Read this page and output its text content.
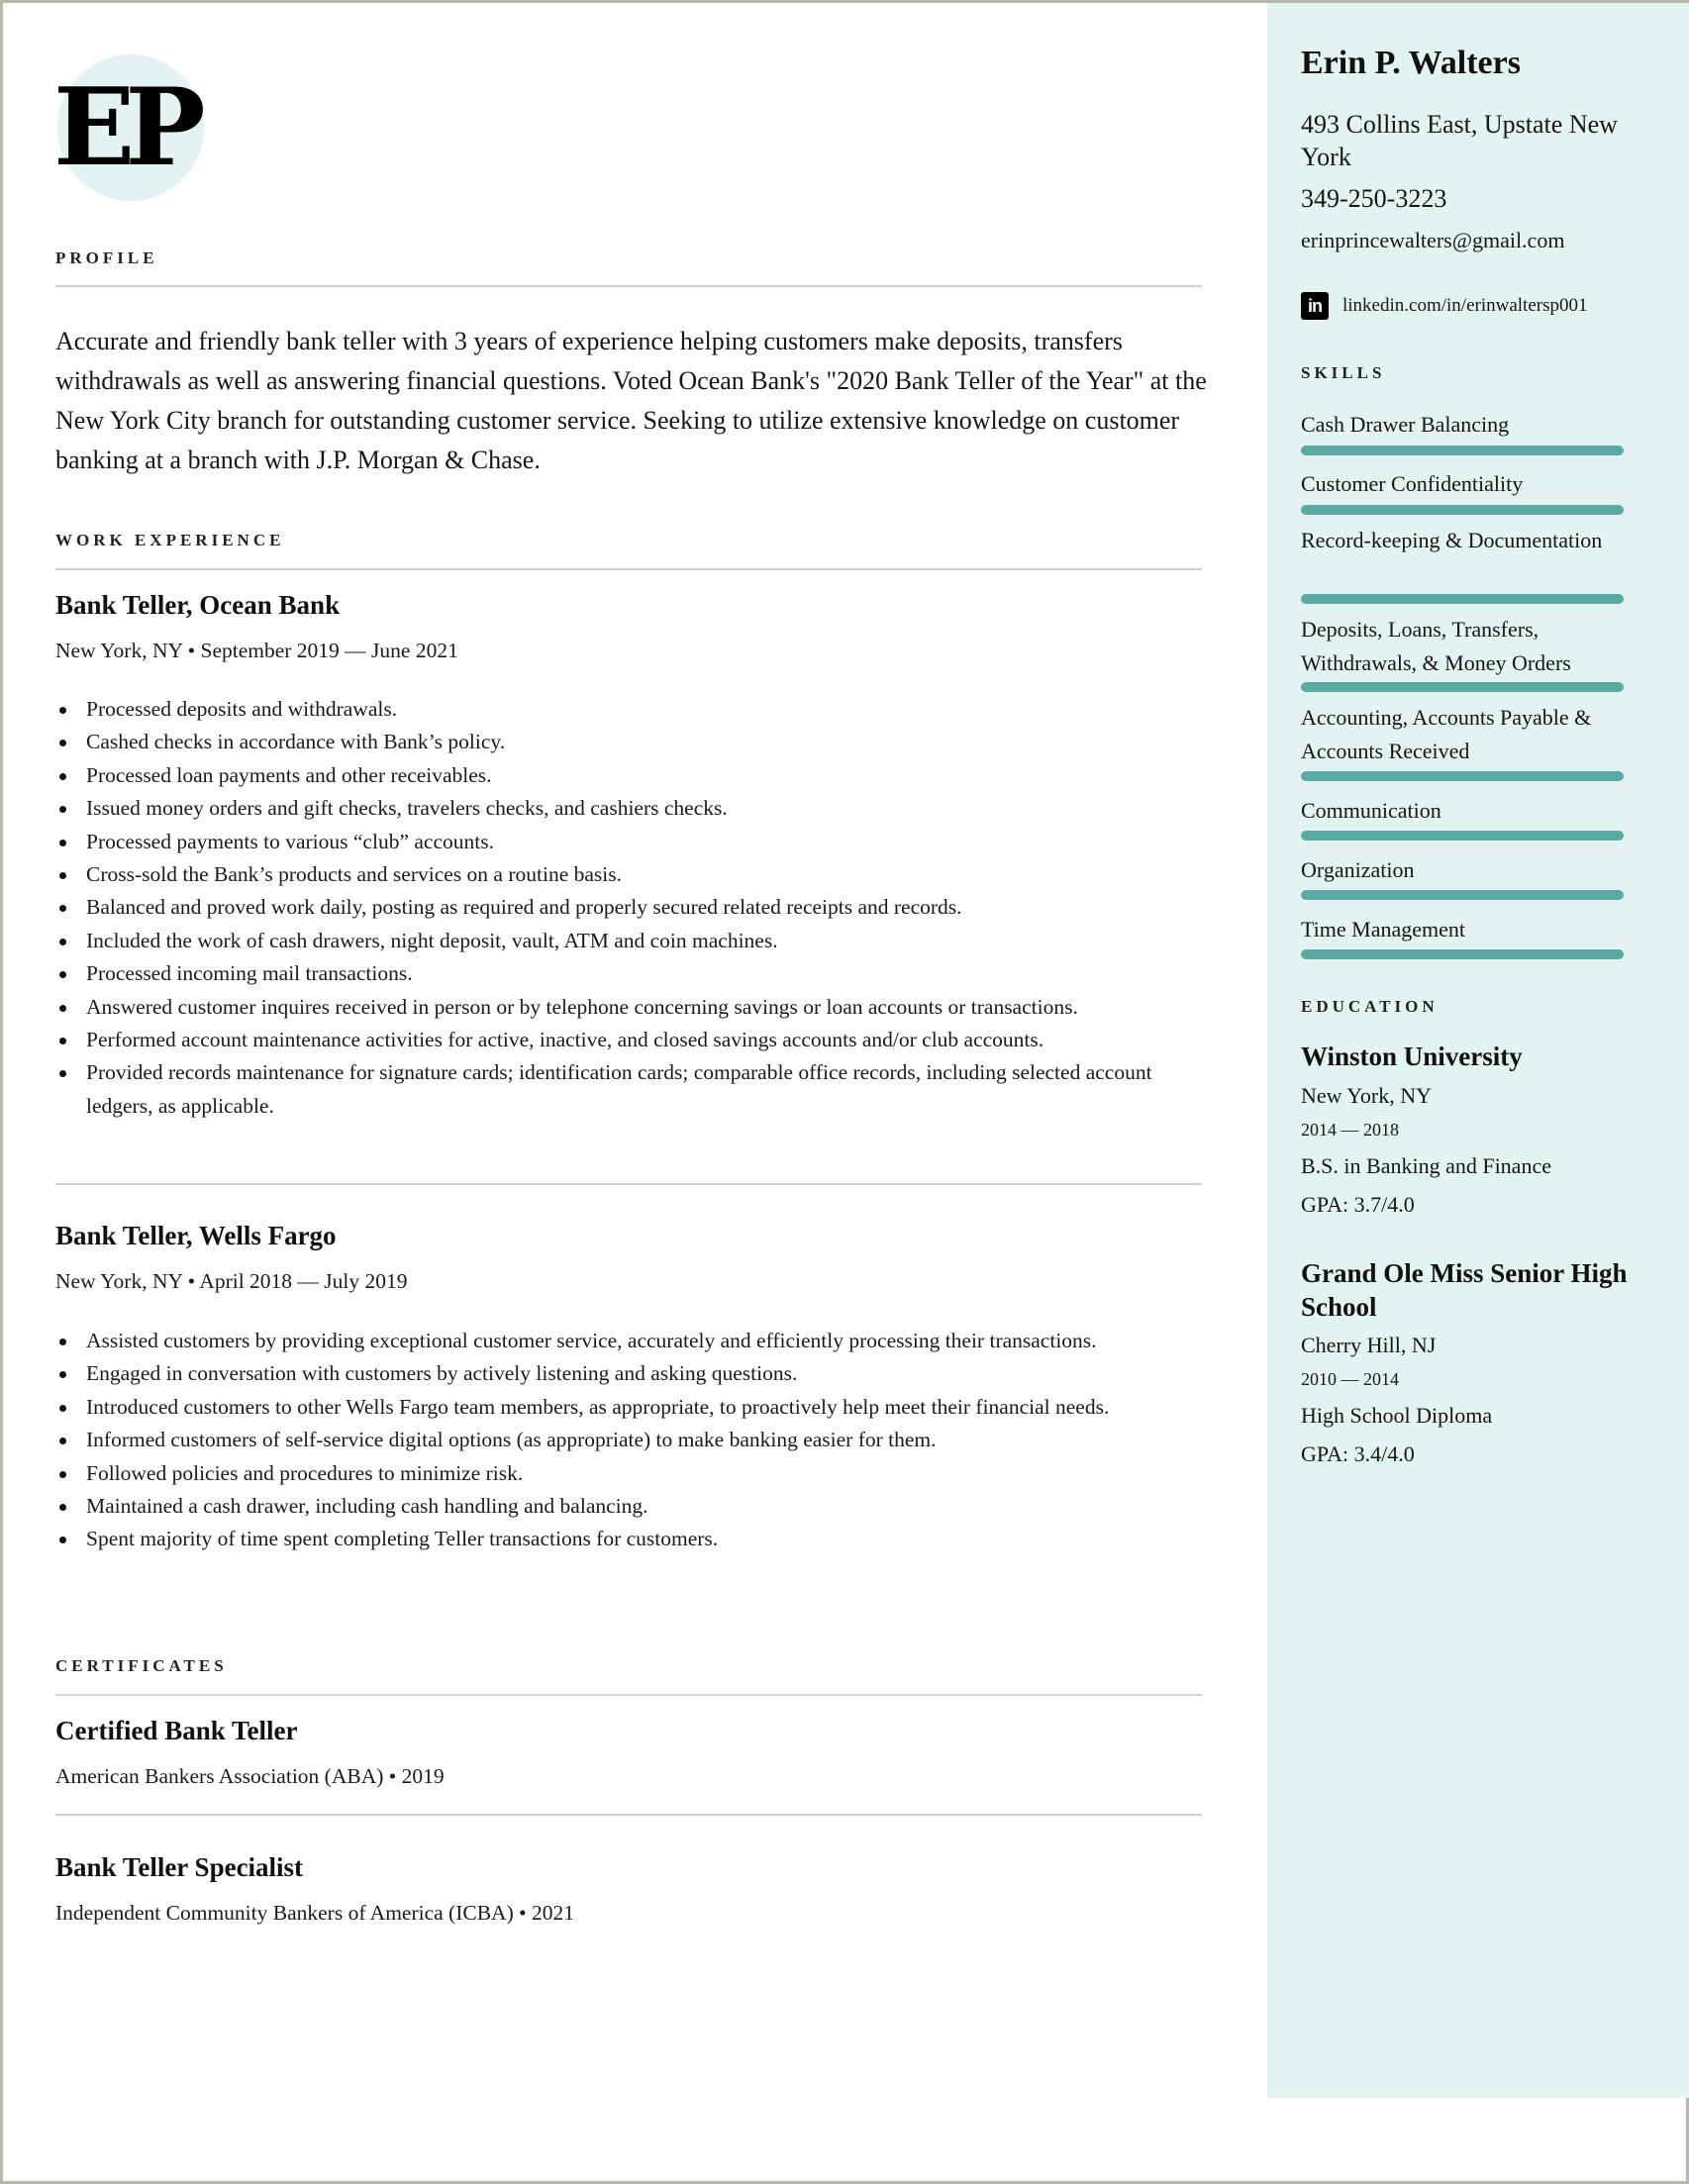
EP
PROFILE
Accurate and friendly bank teller with 3 years of experience helping customers make deposits, transfers withdrawals as well as answering financial questions. Voted Ocean Bank's "2020 Bank Teller of the Year" at the New York City branch for outstanding customer service. Seeking to utilize extensive knowledge on customer banking at a branch with J.P. Morgan & Chase.
WORK EXPERIENCE
Bank Teller, Ocean Bank
New York, NY • September 2019 — June 2021
Processed deposits and withdrawals.
Cashed checks in accordance with Bank’s policy.
Processed loan payments and other receivables.
Issued money orders and gift checks, travelers checks, and cashiers checks.
Processed payments to various “club” accounts.
Cross-sold the Bank’s products and services on a routine basis.
Balanced and proved work daily, posting as required and properly secured related receipts and records.
Included the work of cash drawers, night deposit, vault, ATM and coin machines.
Processed incoming mail transactions.
Answered customer inquires received in person or by telephone concerning savings or loan accounts or transactions.
Performed account maintenance activities for active, inactive, and closed savings accounts and/or club accounts.
Provided records maintenance for signature cards; identification cards; comparable office records, including selected account ledgers, as applicable.
Bank Teller, Wells Fargo
New York, NY • April 2018 — July 2019
Assisted customers by providing exceptional customer service, accurately and efficiently processing their transactions.
Engaged in conversation with customers by actively listening and asking questions.
Introduced customers to other Wells Fargo team members, as appropriate, to proactively help meet their financial needs.
Informed customers of self-service digital options (as appropriate) to make banking easier for them.
Followed policies and procedures to minimize risk.
Maintained a cash drawer, including cash handling and balancing.
Spent majority of time spent completing Teller transactions for customers.
CERTIFICATES
Certified Bank Teller
American Bankers Association (ABA) • 2019
Bank Teller Specialist
Independent Community Bankers of America (ICBA) • 2021
Erin P. Walters
493 Collins East, Upstate New York
349-250-3223
erinprincewalters@gmail.com
in	linkedin.com/in/erinwaltersp001
SKILLS
Cash Drawer Balancing
Customer Confidentiality
Record-keeping & Documentation
Deposits, Loans, Transfers, Withdrawals, & Money Orders
Accounting, Accounts Payable & Accounts Received
Communication
Organization
Time Management
EDUCATION
Winston University
New York, NY
2014 — 2018
B.S. in Banking and Finance
GPA: 3.7/4.0
Grand Ole Miss Senior High School
Cherry Hill, NJ
2010 — 2014
High School Diploma
GPA: 3.4/4.0
